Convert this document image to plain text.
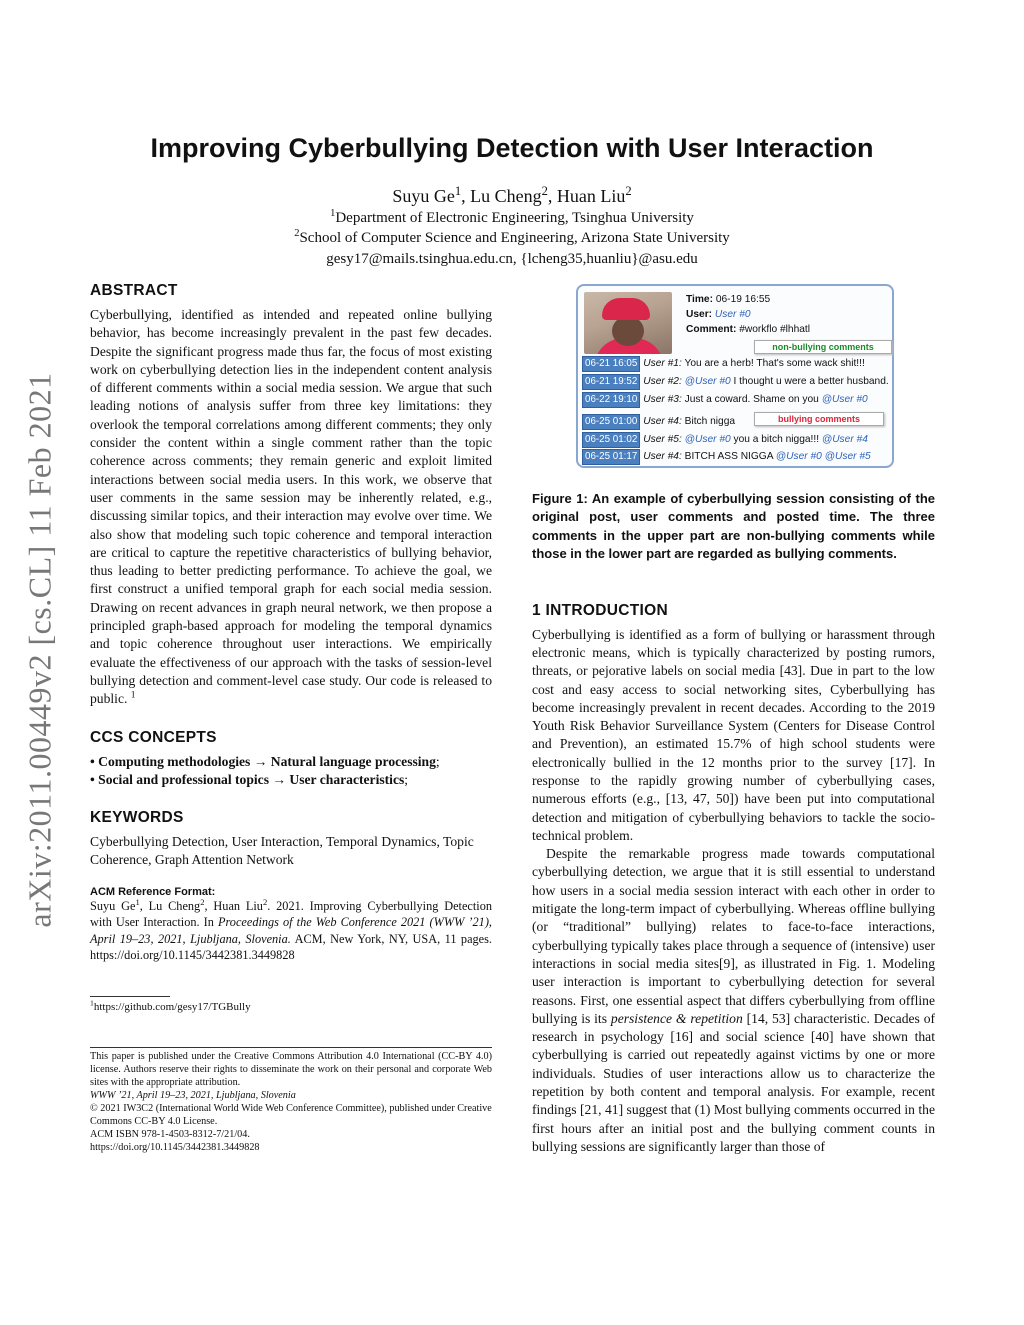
arXiv:2011.00449v2 [cs.CL] 11 Feb 2021
Improving Cyberbullying Detection with User Interaction
Suyu Ge$^1$, Lu Cheng$^2$, Huan Liu$^2$
$^1$Department of Electronic Engineering, Tsinghua University
$^2$School of Computer Science and Engineering, Arizona State University
gesy17@mails.tsinghua.edu.cn, {lcheng35,huanliu}@asu.edu
ABSTRACT

Cyberbullying, identified as intended and repeated online bullying behavior, has become increasingly prevalent in the past few decades. Despite the significant progress made thus far, the focus of most existing work on cyberbullying detection lies in the independent content analysis of different comments within a social media session. We argue that such leading notions of analysis suffer from three key limitations: they overlook the temporal correlations among different comments; they only consider the content within a single comment rather than the topic coherence across comments; they remain generic and exploit limited interactions between social media users. In this work, we observe that user comments in the same session may be inherently related, e.g., discussing similar topics, and their interaction may evolve over time. We also show that modeling such topic coherence and temporal interaction are critical to capture the repetitive characteristics of bullying behavior, thus leading to better predicting performance. To achieve the goal, we first construct a unified temporal graph for each social media session. Drawing on recent advances in graph neural network, we then propose a principled graph-based approach for modeling the temporal dynamics and topic coherence throughout user interactions. We empirically evaluate the effectiveness of our approach with the tasks of session-level bullying detection and comment-level case study. Our code is released to public. $^1$

CCS CONCEPTS

• Computing methodologies → Natural language processing;

• Social and professional topics → User characteristics;

KEYWORDS

Cyberbullying Detection, User Interaction, Temporal Dynamics, Topic Coherence, Graph Attention Network

ACM Reference Format:

Suyu Ge$^1$, Lu Cheng$^2$, Huan Liu$^2$. 2021. Improving Cyberbullying Detection with User Interaction. In Proceedings of the Web Conference 2021 (WWW ’21), April 19–23, 2021, Ljubljana, Slovenia. ACM, New York, NY, USA, 11 pages. https://doi.org/10.1145/3442381.3449828

$^1$https://github.com/gesy17/TGBully

This paper is published under the Creative Commons Attribution 4.0 International (CC-BY 4.0) license. Authors reserve their rights to disseminate the work on their personal and corporate Web sites with the appropriate attribution.

WWW ’21, April 19–23, 2021, Ljubljana, Slovenia

© 2021 IW3C2 (International World Wide Web Conference Committee), published under Creative Commons CC-BY 4.0 License.

ACM ISBN 978-1-4503-8312-7/21/04.

https://doi.org/10.1145/3442381.3449828

Time: 06-19 16:55
User: User #0
Comment: #workflo #lhhatl
non-bullying comments
bullying comments
06-21 16:05 User #1: You are a herb! That's some wack shit!!!
06-21 19:52 User #2: @User #0 I thought u were a better husband.
06-22 19:10 User #3: Just a coward. Shame on you @User #0
06-25 01:00 User #4: Bitch nigga
06-25 01:02 User #5: @User #0 you a bitch nigga!!! @User #4
06-25 01:17 User #4: BITCH ASS NIGGA @User #0 @User #5

Figure 1: An example of cyberbullying session consisting of the original post, user comments and posted time. The three comments in the upper part are non-bullying comments while those in the lower part are regarded as bullying comments.

1 INTRODUCTION

Cyberbullying is identified as a form of bullying or harassment through electronic means, which is typically characterized by posting rumors, threats, or pejorative labels on social media [43]. Due in part to the low cost and easy access to social networking sites, Cyberbullying has become increasingly prevalent in recent decades. According to the 2019 Youth Risk Behavior Surveillance System (Centers for Disease Control and Prevention), an estimated 15.7% of high school students were electronically bullied in the 12 months prior to the survey [17]. In response to the rapidly growing number of cyberbullying cases, numerous efforts (e.g., [13, 47, 50]) have been put into computational detection and mitigation of cyberbullying behaviors to tackle the socio-technical problem.

Despite the remarkable progress made towards computational cyberbullying detection, we argue that it is still essential to understand how users in a social media session interact with each other in order to mitigate the long-term impact of cyberbullying. Whereas offline bullying (or “traditional” bullying) relates to face-to-face interactions, cyberbullying typically takes place through a sequence of (intensive) user interactions in social media sites[9], as illustrated in Fig. 1. Modeling user interaction is important to cyberbullying detection for several reasons. First, one essential aspect that differs cyberbullying from offline bullying is its persistence & repetition [14, 53] characteristic. Decades of research in psychology [16] and social science [40] have shown that cyberbullying is carried out repeatedly against victims by one or more individuals. Studies of user interactions allow us to characterize the repetition by both content and temporal analysis. For example, recent findings [21, 41] suggest that (1) Most bullying comments occurred in the first hours after an initial post and the bullying comment counts in bullying sessions are significantly larger than those of
